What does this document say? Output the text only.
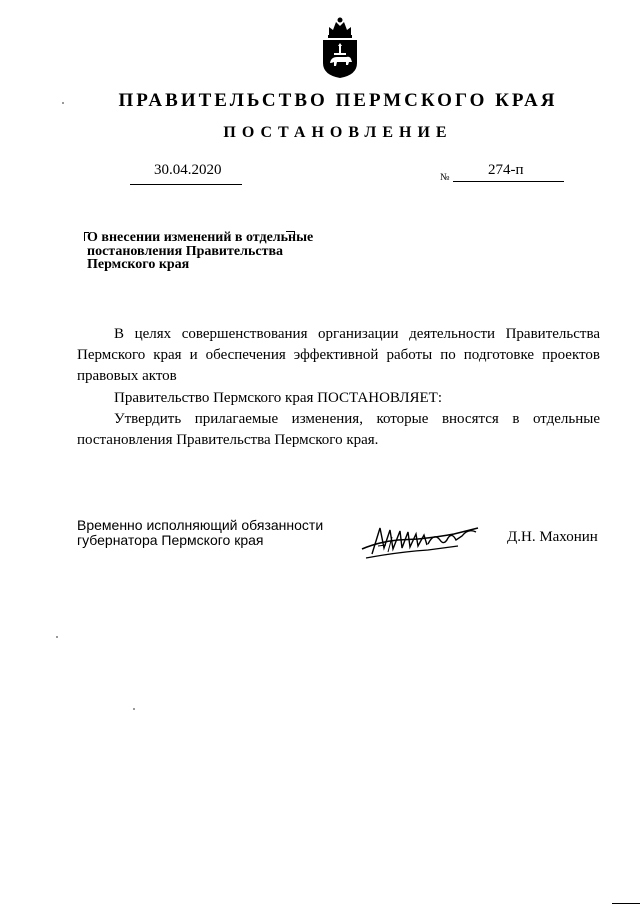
ПРАВИТЕЛЬСТВО ПЕРМСКОГО КРАЯ
ПОСТАНОВЛЕНИЕ
30.04.2020	№	274-п
О внесении изменений в отдельные
постановления Правительства
Пермского края

В целях совершенствования организации деятельности Правительства Пермского края и обеспечения эффективной работы по подготовке проектов правовых актов

Правительство Пермского края ПОСТАНОВЛЯЕТ:

Утвердить прилагаемые изменения, которые вносятся в отдельные постановления Правительства Пермского края.

Временно исполняющий обязанности
губернатора Пермского края	Д.Н. Махонин
